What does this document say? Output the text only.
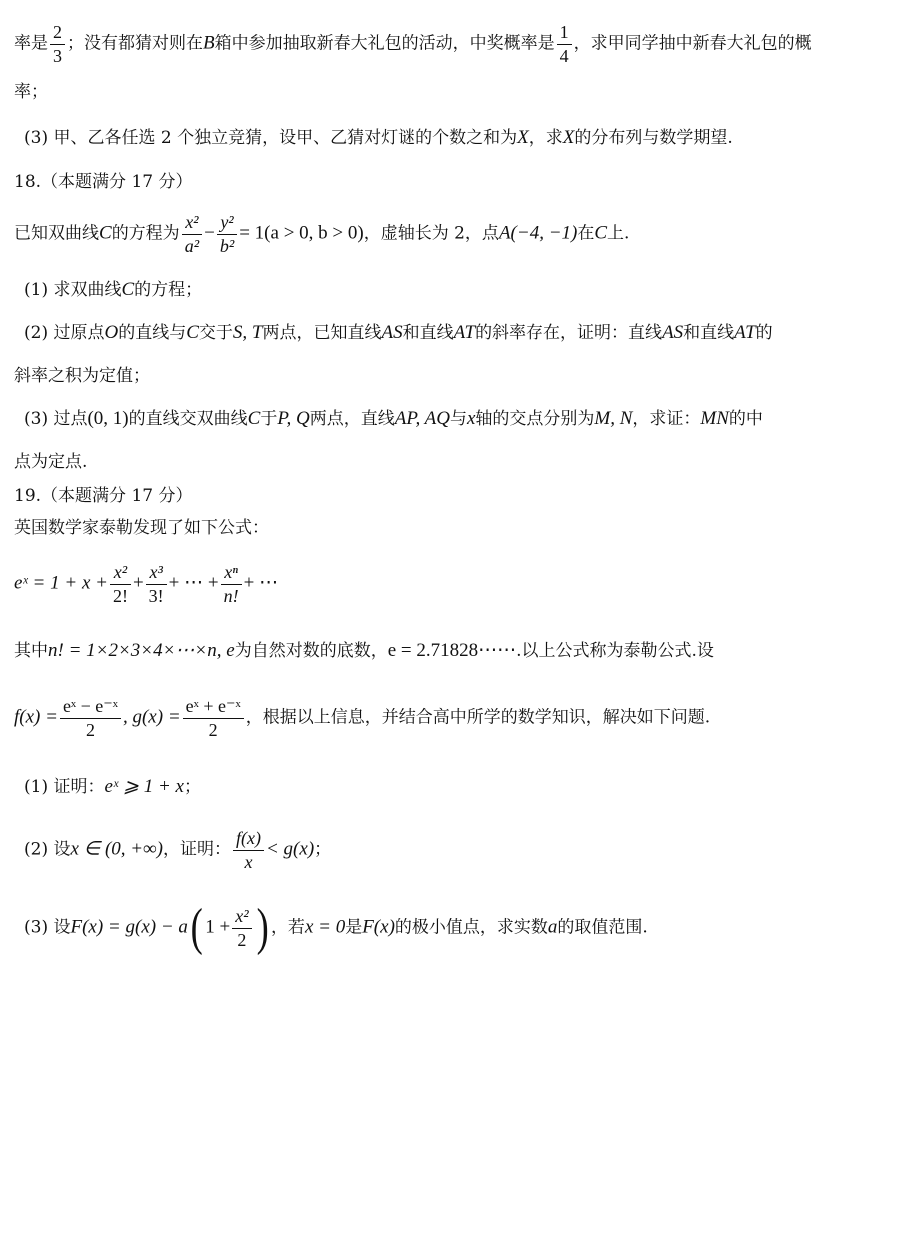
率是 $\frac{2}{3}$ ；没有都猜对则在B箱中参加抽取新春大礼包的活动，中奖概率是 $\frac{1}{4}$ ，求甲同学抽中新春大礼包的概
率；
(3) 甲、乙各任选 2 个独立竞猜，设甲、乙猜对灯谜的个数之和为X，求X的分布列与数学期望.
18.（本题满分 17 分）
已知双曲线C的方程为 $\frac{\text{x²}}{\text{a²}} - \frac{\text{y²}}{\text{b²}} = 1(a > 0$, b > 0)，虚轴长为 2，点A(−4, −1)在C上.
(1) 求双曲线C的方程；
(2) 过原点O的直线与C交于S, T两点，已知直线AS和直线AT的斜率存在，证明：直线AS和直线AT的
斜率之积为定值；
(3) 过点(0, 1)的直线交双曲线C于P, Q两点，直线AP, AQ与x轴的交点分别为M, N，求证：MN的中
点为定点.
19.（本题满分 17 分）
英国数学家泰勒发现了如下公式：
eˣ = $1 + x + \frac{\text{x²}}{2!} + \frac{\text{x³}}{3!}$ + ⋯ + $\frac{\text{xⁿ}}{n!}$ + ⋯
其中n! = 1×2×3×4×⋯×n, e为自然对数的底数，e = 2.71828⋯⋯.以上公式称为泰勒公式.设
$f(x) = \frac{\text{eˣ − e⁻ˣ}}{2}$ , $g(x) = \frac{\text{eˣ + e⁻ˣ}}{2}$ ，根据以上信息，并结合高中所学的数学知识，解决如下问题.
(1) 证明：eˣ ⩾ 1 + x；
(2) 设x ∈ (0, +∞)，证明： $\frac{f(x)}{x} < g(x)$；
(3) 设F(x) = g(x) − a( $1 + \frac{\text{x²}}{2}$ ) ，若x = 0是F(x)的极小值点，求实数a的取值范围.
